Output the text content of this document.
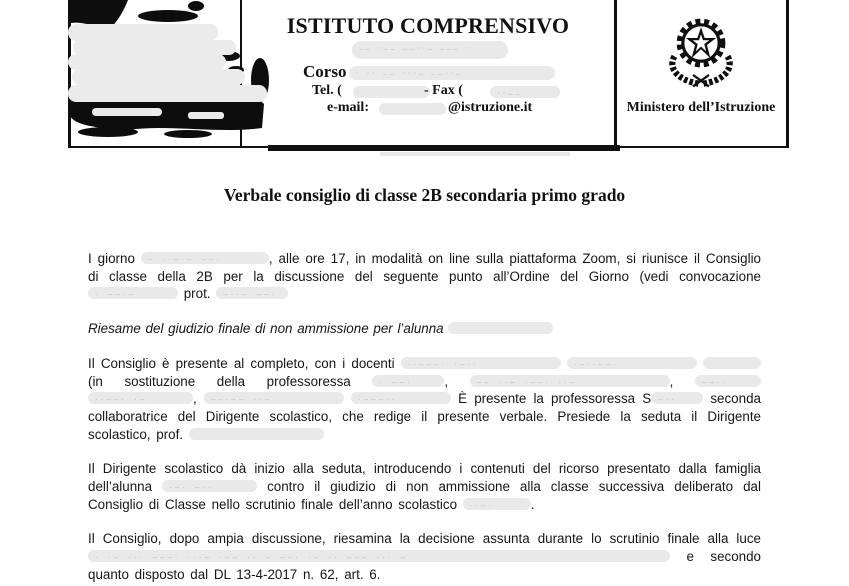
ISTITUTO COMPRENSIVO
–– ·–– ––··– ––– ·
Corso	· ·· –– ···– ––··–
Tel. (	- Fax (	··––
e-mail:	@istruzione.it	Ministero dell’Istruzione
Verbale consiglio di classe 2B secondaria primo grado

I giorno – ··–·– ––·	, alle ore 17, in modalità on line sulla piattaforma Zoom, si riunisce il Consiglio di classe della 2B per la discussione del seguente punto all’Ordine del Giorno (vedi convocazione
· ––·–	prot. –··– ––·

Riesame del giudizio finale di non ammissione per l’alunna

Il Consiglio è presente al completo, con i docenti ··–––· ·–··
	·–··––·
(in sostituzione della professoressa · ––·	, –– ··– ·––· ··–	, ––··

··––· ·–	, ––·–– ··–
	·–––··	È presente la professoressa S –··	seconda collaboratrice del Dirigente scolastico, che redige il presente verbale. Presiede la seduta il Dirigente scolastico, prof.

Il Dirigente scolastico dà inizio alla seduta, introducendo i contenuti del ricorso presentato dalla famiglia dell’alunna ·–· –··	contro il giudizio di non ammissione alla classe successiva deliberato dal Consiglio di Classe nello scrutinio finale dell’anno scolastico ··–·	.

Il Consiglio, dopo ampia discussione, riesamina la decisione assunta durante lo scrutinio finale alla luce
· ·– ··· –––· ···– ·–– ·· – ––· ·– ·· ––– ··· –	e secondo quanto disposto dal DL 13-4-2017 n. 62, art. 6.
